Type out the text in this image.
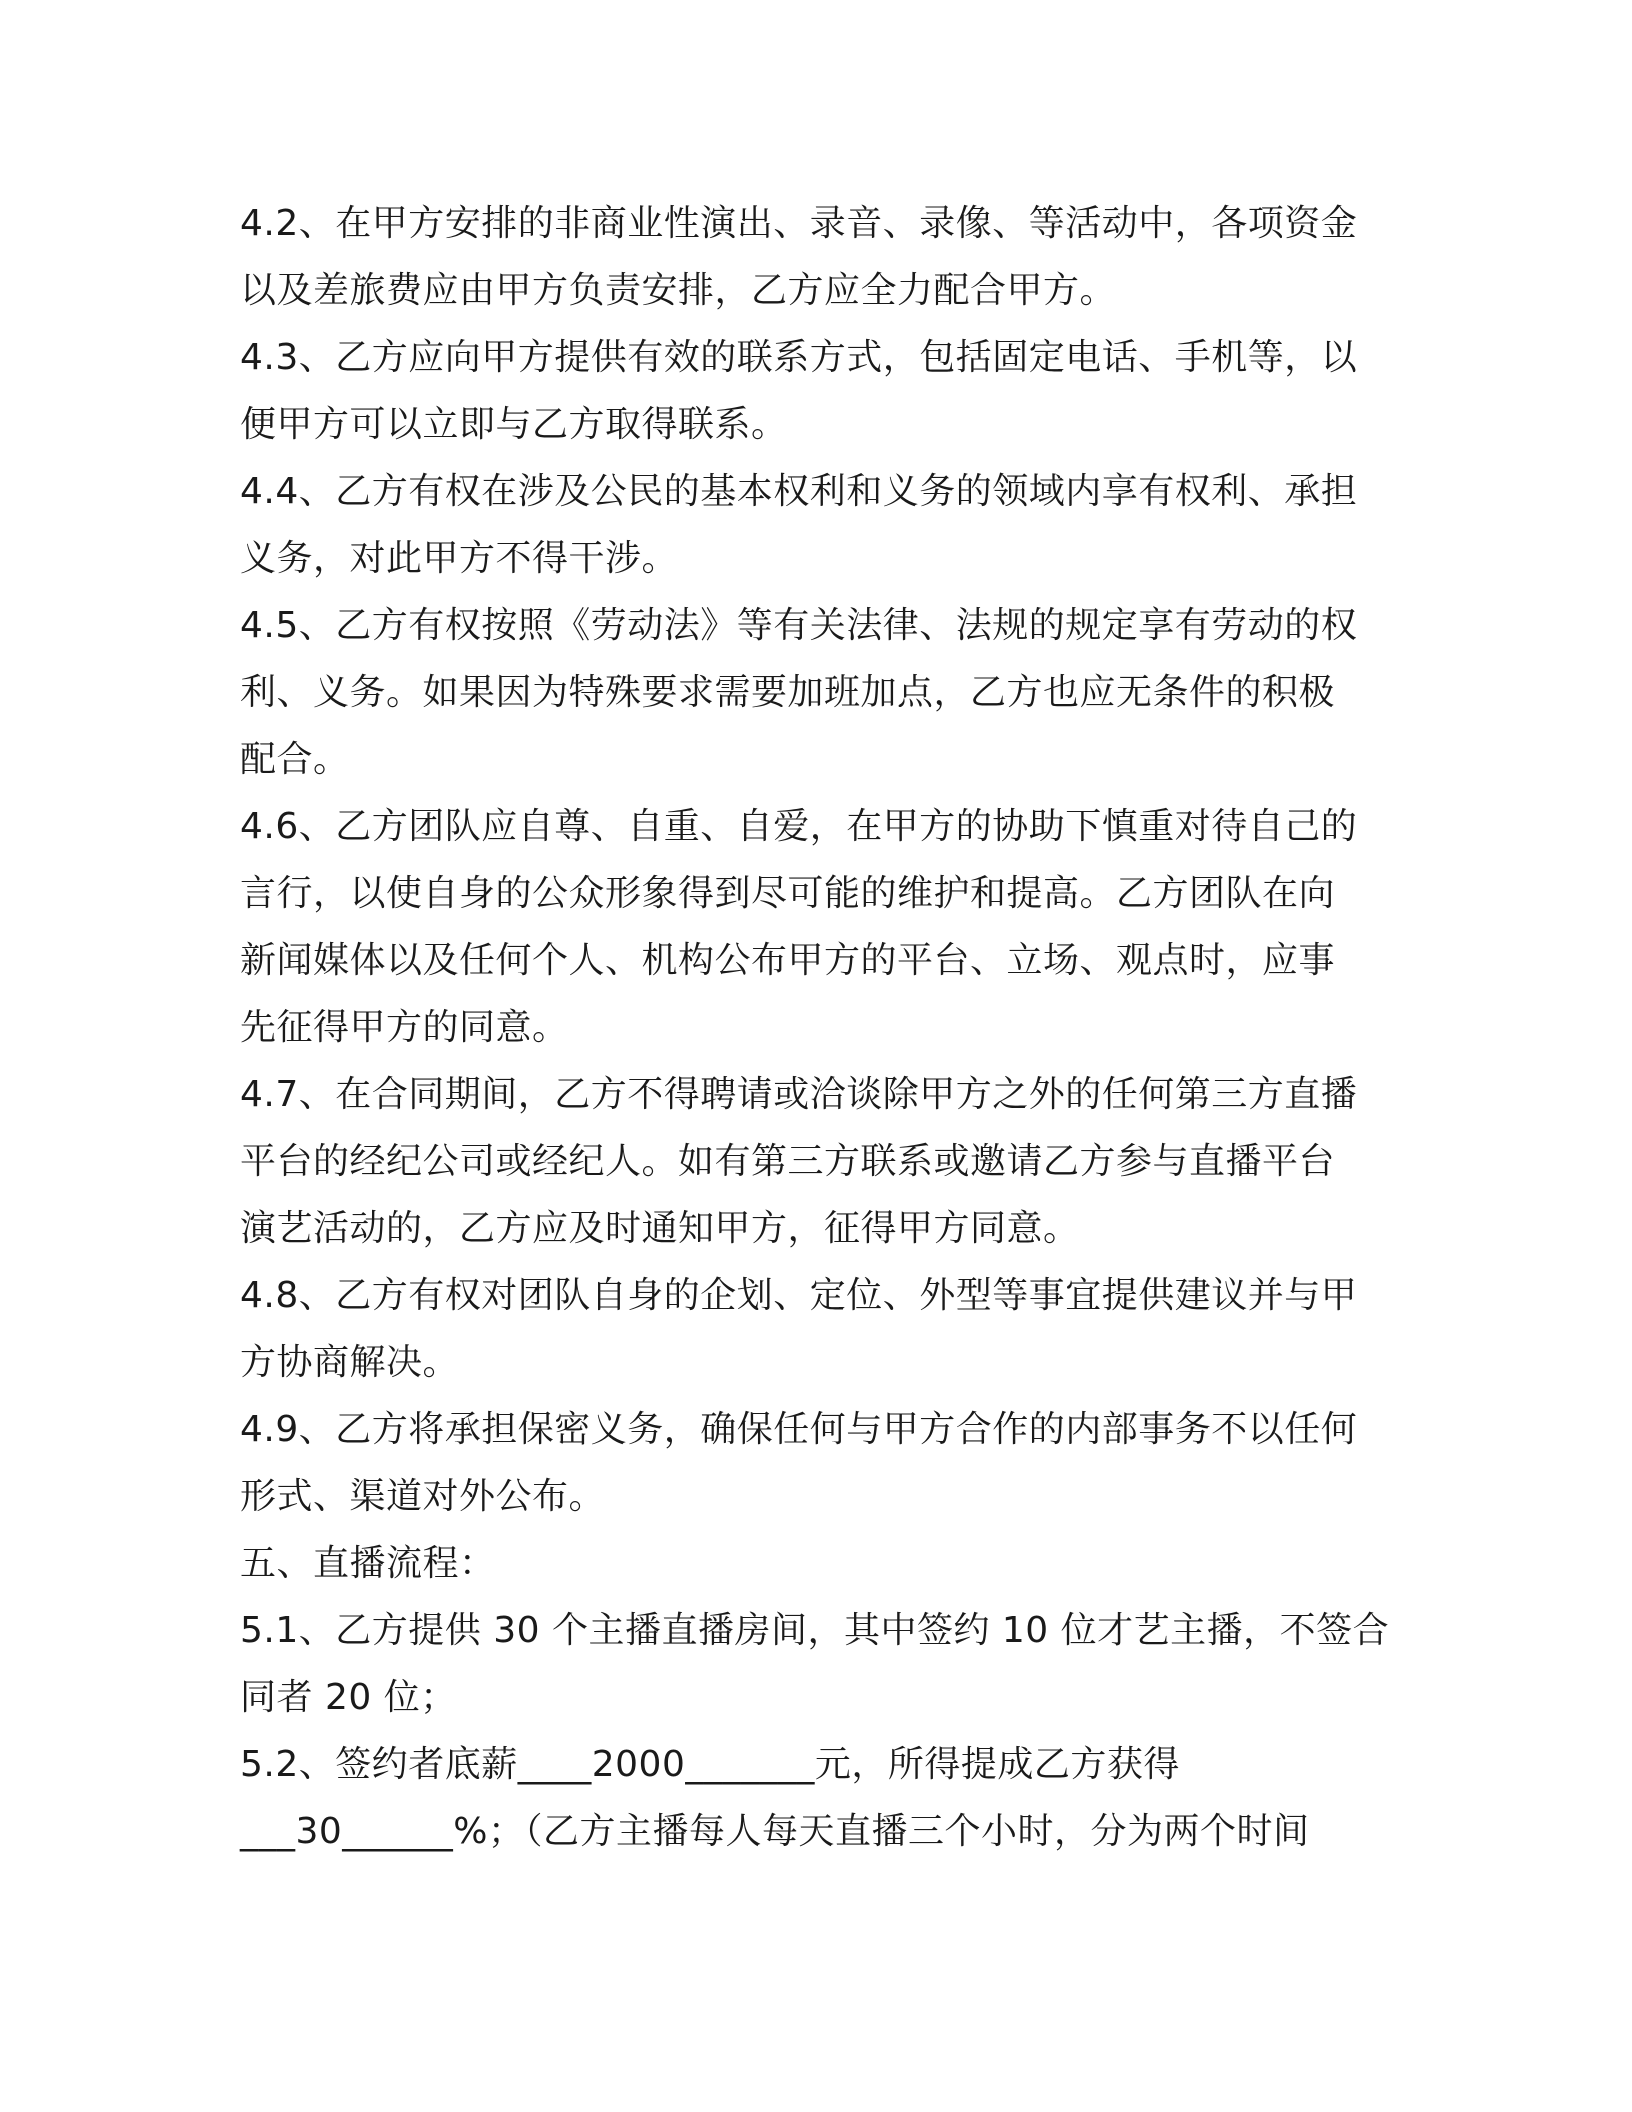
4.2、在甲方安排的非商业性演出、录音、录像、等活动中，各项资金
以及差旅费应由甲方负责安排，乙方应全力配合甲方。

4.3、乙方应向甲方提供有效的联系方式，包括固定电话、手机等，以
便甲方可以立即与乙方取得联系。

4.4、乙方有权在涉及公民的基本权利和义务的领域内享有权利、承担
义务，对此甲方不得干涉。

4.5、乙方有权按照《劳动法》等有关法律、法规的规定享有劳动的权
利、义务。如果因为特殊要求需要加班加点，乙方也应无条件的积极
配合。

4.6、乙方团队应自尊、自重、自爱，在甲方的协助下慎重对待自己的
言行，以使自身的公众形象得到尽可能的维护和提高。乙方团队在向
新闻媒体以及任何个人、机构公布甲方的平台、立场、观点时，应事
先征得甲方的同意。

4.7、在合同期间，乙方不得聘请或洽谈除甲方之外的任何第三方直播
平台的经纪公司或经纪人。如有第三方联系或邀请乙方参与直播平台
演艺活动的，乙方应及时通知甲方，征得甲方同意。

4.8、乙方有权对团队自身的企划、定位、外型等事宜提供建议并与甲
方协商解决。

4.9、乙方将承担保密义务，确保任何与甲方合作的内部事务不以任何
形式、渠道对外公布。

五、直播流程：

5.1、乙方提供 30 个主播直播房间，其中签约 10 位才艺主播，不签合
同者 20 位；

5.2、签约者底薪____2000_______元，所得提成乙方获得
___30______%；（乙方主播每人每天直播三个小时，分为两个时间
